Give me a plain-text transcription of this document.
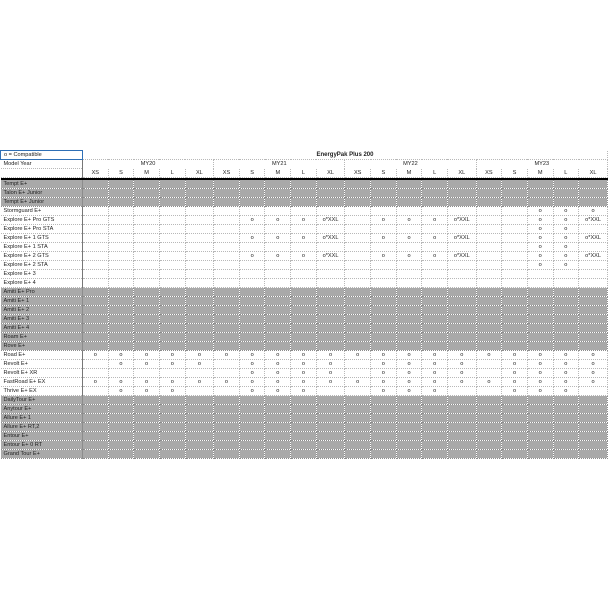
o = Compatible	EnergyPak Plus 200																			
Model Year	MY20					MY21					MY22					MY23				
	XS	S	M	L	XL	XS	S	M	L	XL	XS	S	M	L	XL	XS	S	M	L	XL

Tempt E+																				
Talon E+ Junior																				
Tempt E+ Junior																				
Stormguard E+																		o	o	o
Explore E+ Pro GTS							o	o	o	o*XXL		o	o	o	o*XXL			o	o	o*XXL
Explore E+ Pro STA																		o	o	
Explore E+ 1 GTS							o	o	o	o*XXL		o	o	o	o*XXL			o	o	o*XXL
Explore E+ 1 STA																		o	o	
Explore E+ 2 GTS							o	o	o	o*XXL		o	o	o	o*XXL			o	o	o*XXL
Explore E+ 2 STA																		o	o	
Explore E+ 3																				
Explore E+ 4																				
Amiti E+ Pro																				
Amiti E+ 1																				
Amiti E+ 2																				
Amiti E+ 3																				
Amiti E+ 4																				
Roam E+																				
Rove E+																				
Road E+	o	o	o	o	o	o	o	o	o	o	o	o	o	o	o	o	o	o	o	o
Revolt E+		o	o	o	o		o	o	o	o		o	o	o	o		o	o	o	o
Revolt E+ XR							o	o	o	o		o	o	o	o		o	o	o	o
FastRoad E+ EX	o	o	o	o	o	o	o	o	o	o	o	o	o	o	o	o	o	o	o	o
Thrive E+ EX		o	o	o			o	o	o			o	o	o			o	o	o	
DailyTour E+																				
Anytour E+																				
Allure E+ 1																				
Allure E+ RT,2																				
Entour E+																				
Entour E+ 0 RT																				
Grand Tour E+																				
